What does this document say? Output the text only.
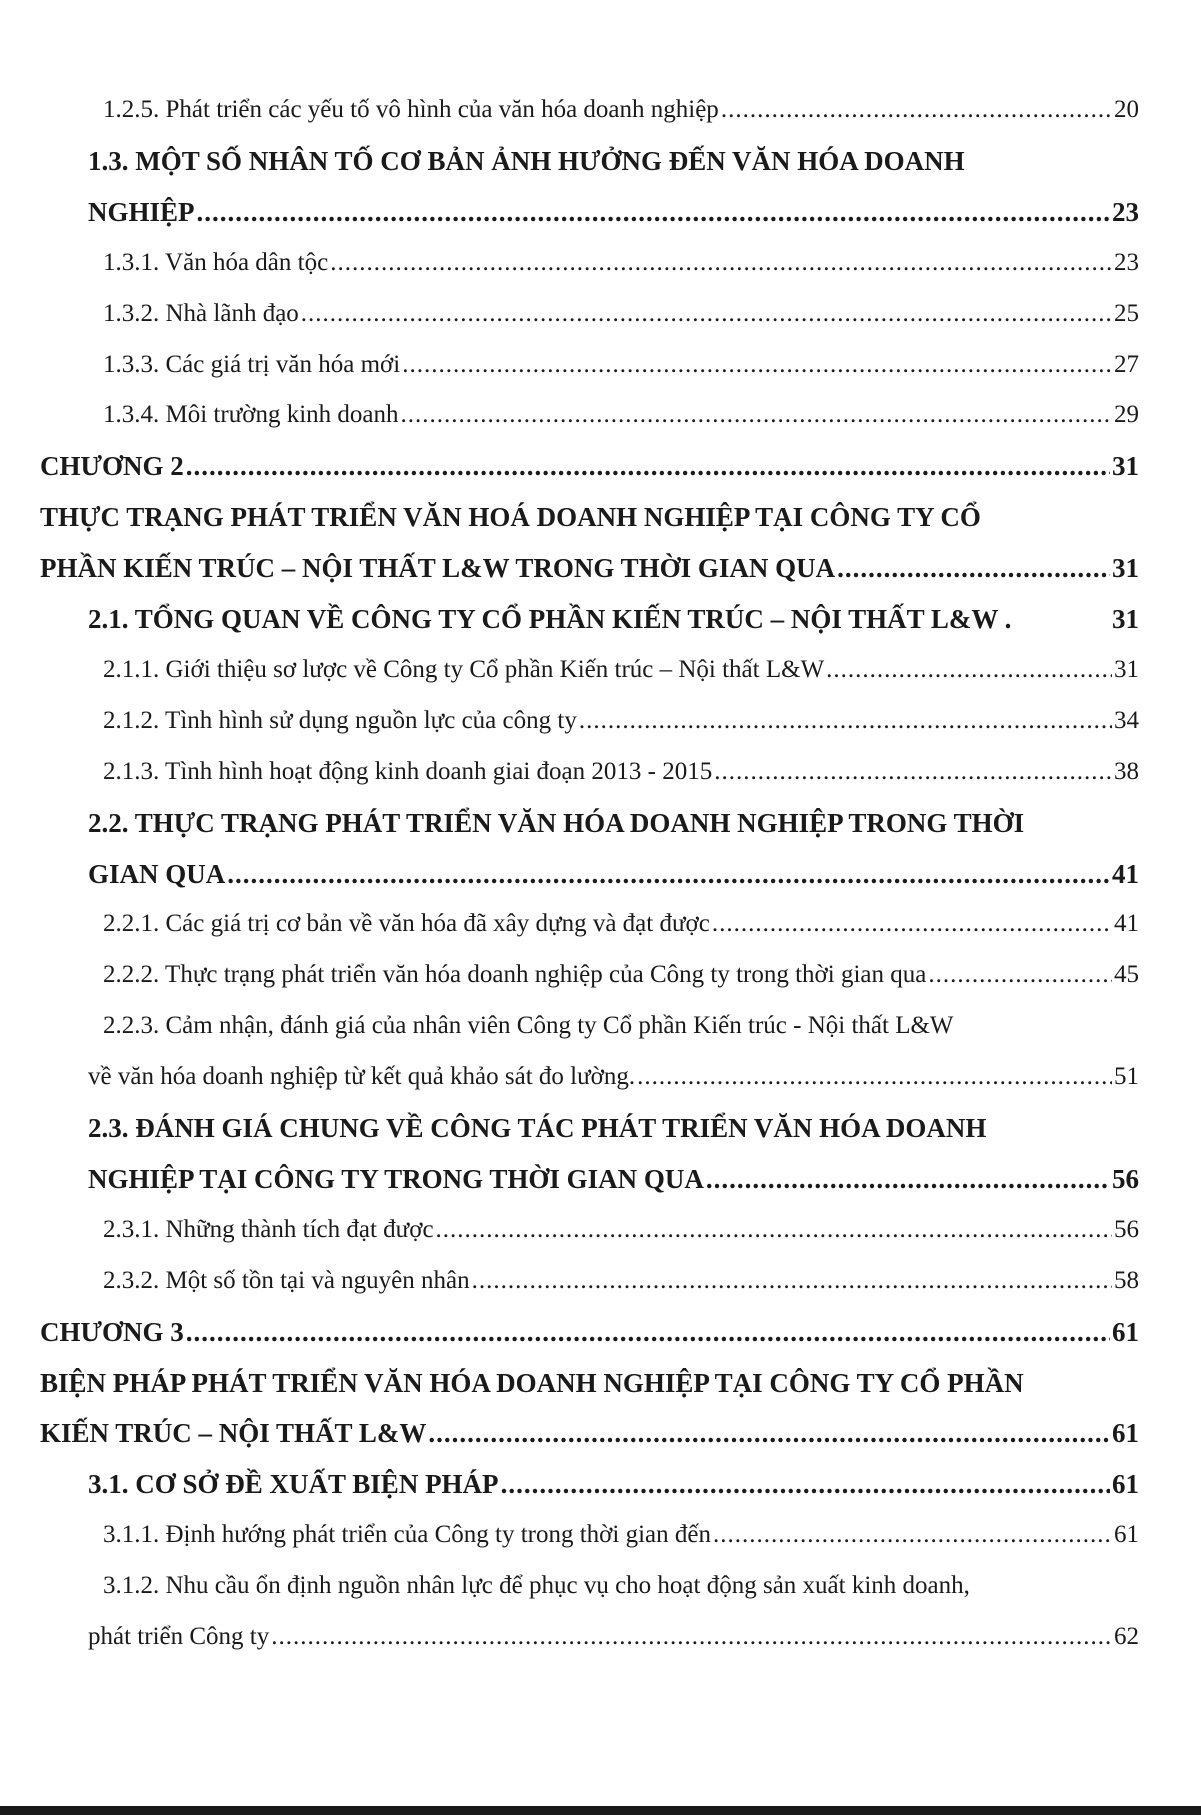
1.2.5. Phát triển các yếu tố vô hình của văn hóa doanh nghiệp .....	20
1.3. MỘT SỐ NHÂN TỐ CƠ BẢN ẢNH HƯỞNG ĐẾN VĂN HÓA DOANH
NGHIỆP .....	23
1.3.1. Văn hóa dân tộc .....	23
1.3.2. Nhà lãnh đạo .....	25
1.3.3. Các giá trị văn hóa mới .....	27
1.3.4. Môi trường kinh doanh .....	29
CHƯƠNG 2 .....	31
THỰC TRẠNG PHÁT TRIỂN VĂN HOÁ DOANH NGHIỆP TẠI CÔNG TY CỔ
PHẦN KIẾN TRÚC – NỘI THẤT L&W TRONG THỜI GIAN QUA .....	31
2.1. TỔNG QUAN VỀ CÔNG TY CỔ PHẦN KIẾN TRÚC – NỘI THẤT L&W .	31
2.1.1. Giới thiệu sơ lược về Công ty Cổ phần Kiến trúc – Nội thất L&W .....	31
2.1.2. Tình hình sử dụng nguồn lực của công ty .....	34
2.1.3. Tình hình hoạt động kinh doanh giai đoạn 2013 - 2015 .....	38
2.2. THỰC TRẠNG PHÁT TRIỂN VĂN HÓA DOANH NGHIỆP TRONG THỜI
GIAN QUA .....	41
2.2.1. Các giá trị cơ bản về văn hóa đã xây dựng và đạt được .....	41
2.2.2. Thực trạng phát triển văn hóa doanh nghiệp của Công ty trong thời gian qua .....	45
2.2.3. Cảm nhận, đánh giá của nhân viên Công ty Cổ phần Kiến trúc - Nội thất L&W
về văn hóa doanh nghiệp từ kết quả khảo sát đo lường. .....	51
2.3. ĐÁNH GIÁ CHUNG VỀ CÔNG TÁC PHÁT TRIỂN VĂN HÓA DOANH
NGHIỆP TẠI CÔNG TY TRONG THỜI GIAN QUA .....	56
2.3.1. Những thành tích đạt được .....	56
2.3.2. Một số tồn tại và nguyên nhân .....	58
CHƯƠNG 3 .....	61
BIỆN PHÁP PHÁT TRIỂN VĂN HÓA DOANH NGHIỆP TẠI CÔNG TY CỔ PHẦN
KIẾN TRÚC – NỘI THẤT L&W .....	61
3.1. CƠ SỞ ĐỀ XUẤT BIỆN PHÁP .....	61
3.1.1. Định hướng phát triển của Công ty trong thời gian đến .....	61
3.1.2. Nhu cầu ổn định nguồn nhân lực để phục vụ cho hoạt động sản xuất kinh doanh,
phát triển Công ty .....	62
